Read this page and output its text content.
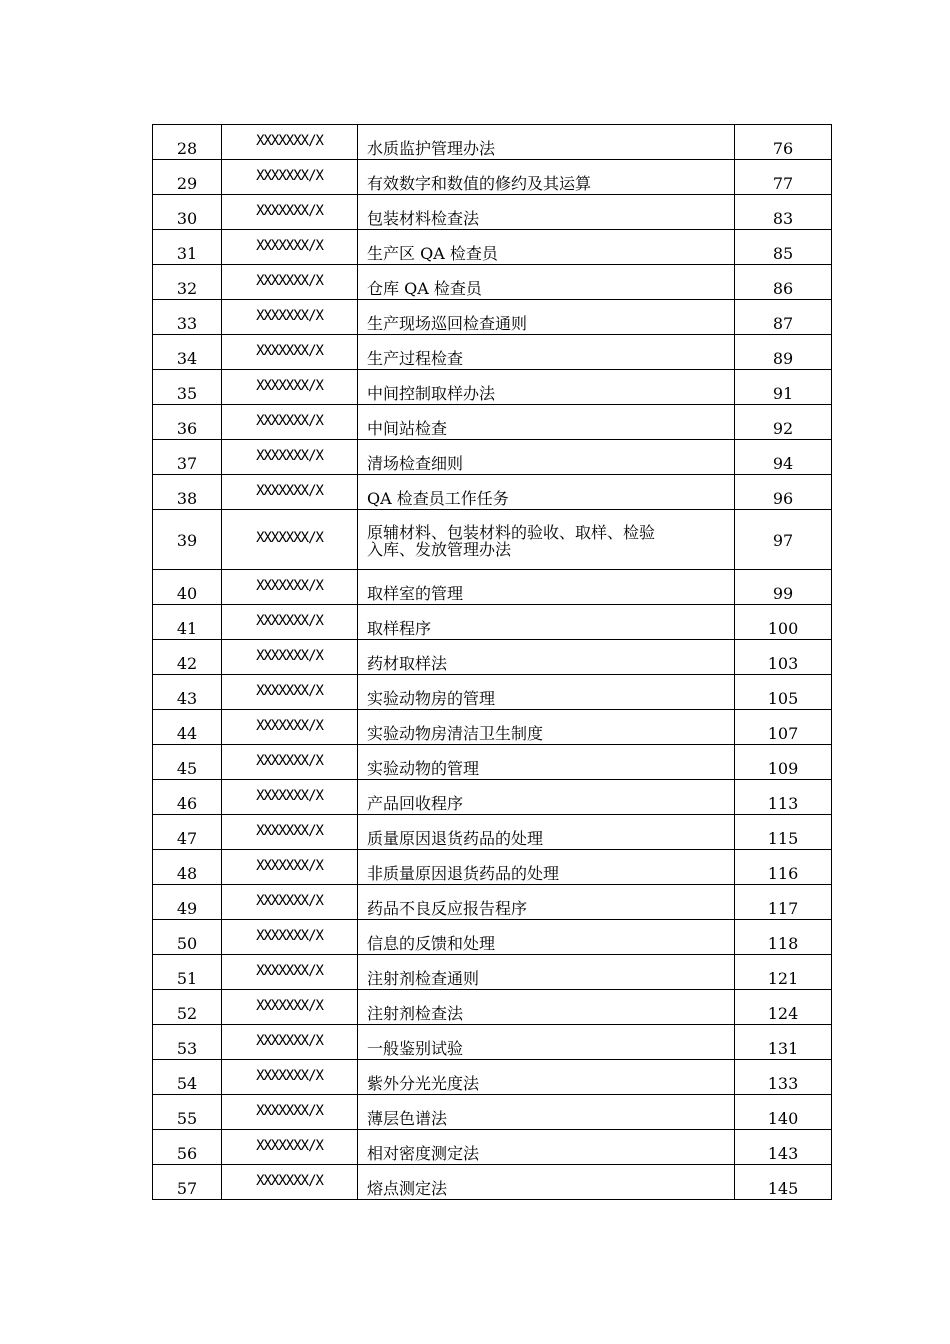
28	XXXXXXX/X	水质监护管理办法	76
29	XXXXXXX/X	有效数字和数值的修约及其运算	77
30	XXXXXXX/X	包装材料检查法	83
31	XXXXXXX/X	生产区 QA 检查员	85
32	XXXXXXX/X	仓库 QA 检查员	86
33	XXXXXXX/X	生产现场巡回检查通则	87
34	XXXXXXX/X	生产过程检查	89
35	XXXXXXX/X	中间控制取样办法	91
36	XXXXXXX/X	中间站检查	92
37	XXXXXXX/X	清场检查细则	94
38	XXXXXXX/X	QA 检查员工作任务	96
39	XXXXXXX/X	原辅材料、包装材料的验收、取样、检验
入库、发放管理办法	97
40	XXXXXXX/X	取样室的管理	99
41	XXXXXXX/X	取样程序	100
42	XXXXXXX/X	药材取样法	103
43	XXXXXXX/X	实验动物房的管理	105
44	XXXXXXX/X	实验动物房清洁卫生制度	107
45	XXXXXXX/X	实验动物的管理	109
46	XXXXXXX/X	产品回收程序	113
47	XXXXXXX/X	质量原因退货药品的处理	115
48	XXXXXXX/X	非质量原因退货药品的处理	116
49	XXXXXXX/X	药品不良反应报告程序	117
50	XXXXXXX/X	信息的反馈和处理	118
51	XXXXXXX/X	注射剂检查通则	121
52	XXXXXXX/X	注射剂检查法	124
53	XXXXXXX/X	一般鉴别试验	131
54	XXXXXXX/X	紫外分光光度法	133
55	XXXXXXX/X	薄层色谱法	140
56	XXXXXXX/X	相对密度测定法	143
57	XXXXXXX/X	熔点测定法	145
